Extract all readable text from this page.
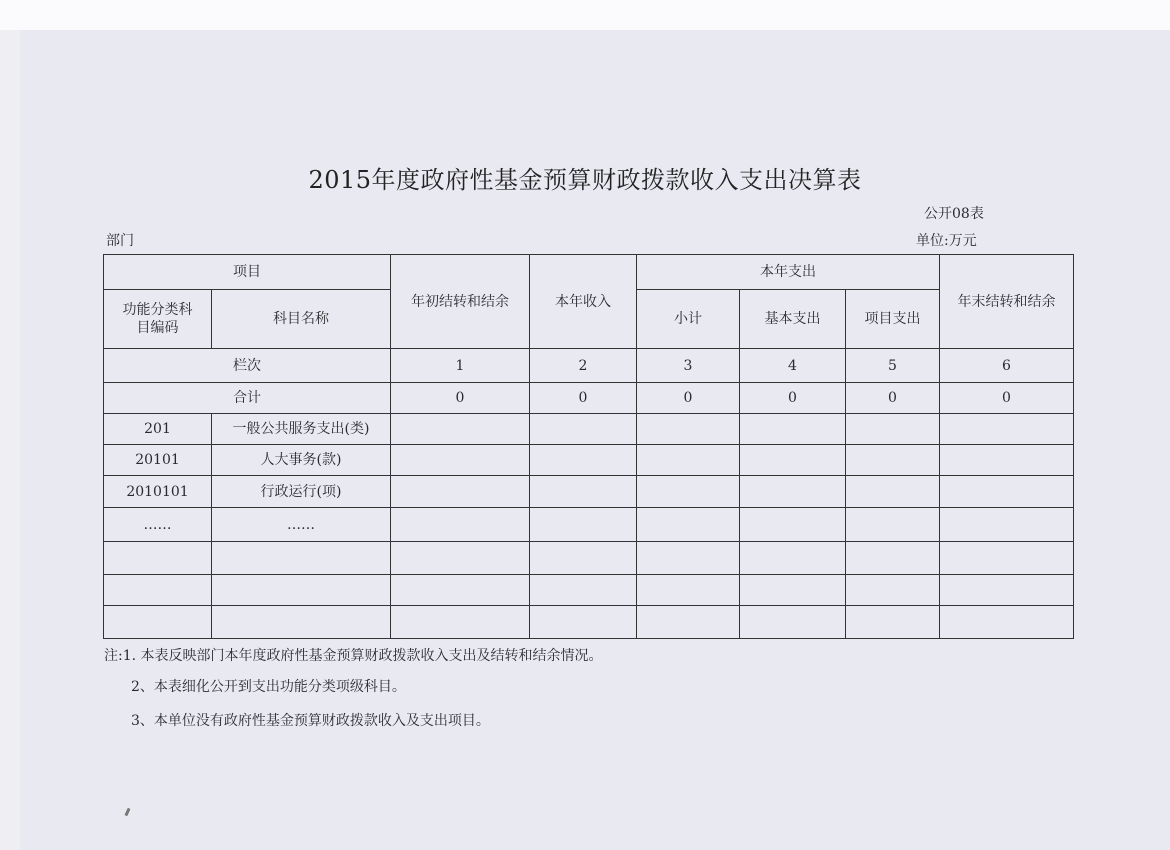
2015年度政府性基金预算财政拨款收入支出决算表
公开08表
部门	单位:万元
项目		年初结转和结余	本年收入	本年支出			年末结转和结余
功能分类科目编码	科目名称			小计	基本支出	项目支出	
栏次		1	2	3	4	5	6
合计		0	0	0	0	0	0
201	一般公共服务支出(类)						
20101	人大事务(款)						
2010101	行政运行(项)						
……	……						

注:1. 本表反映部门本年度政府性基金预算财政拨款收入支出及结转和结余情况。
2、本表细化公开到支出功能分类项级科目。
3、本单位没有政府性基金预算财政拨款收入及支出项目。
